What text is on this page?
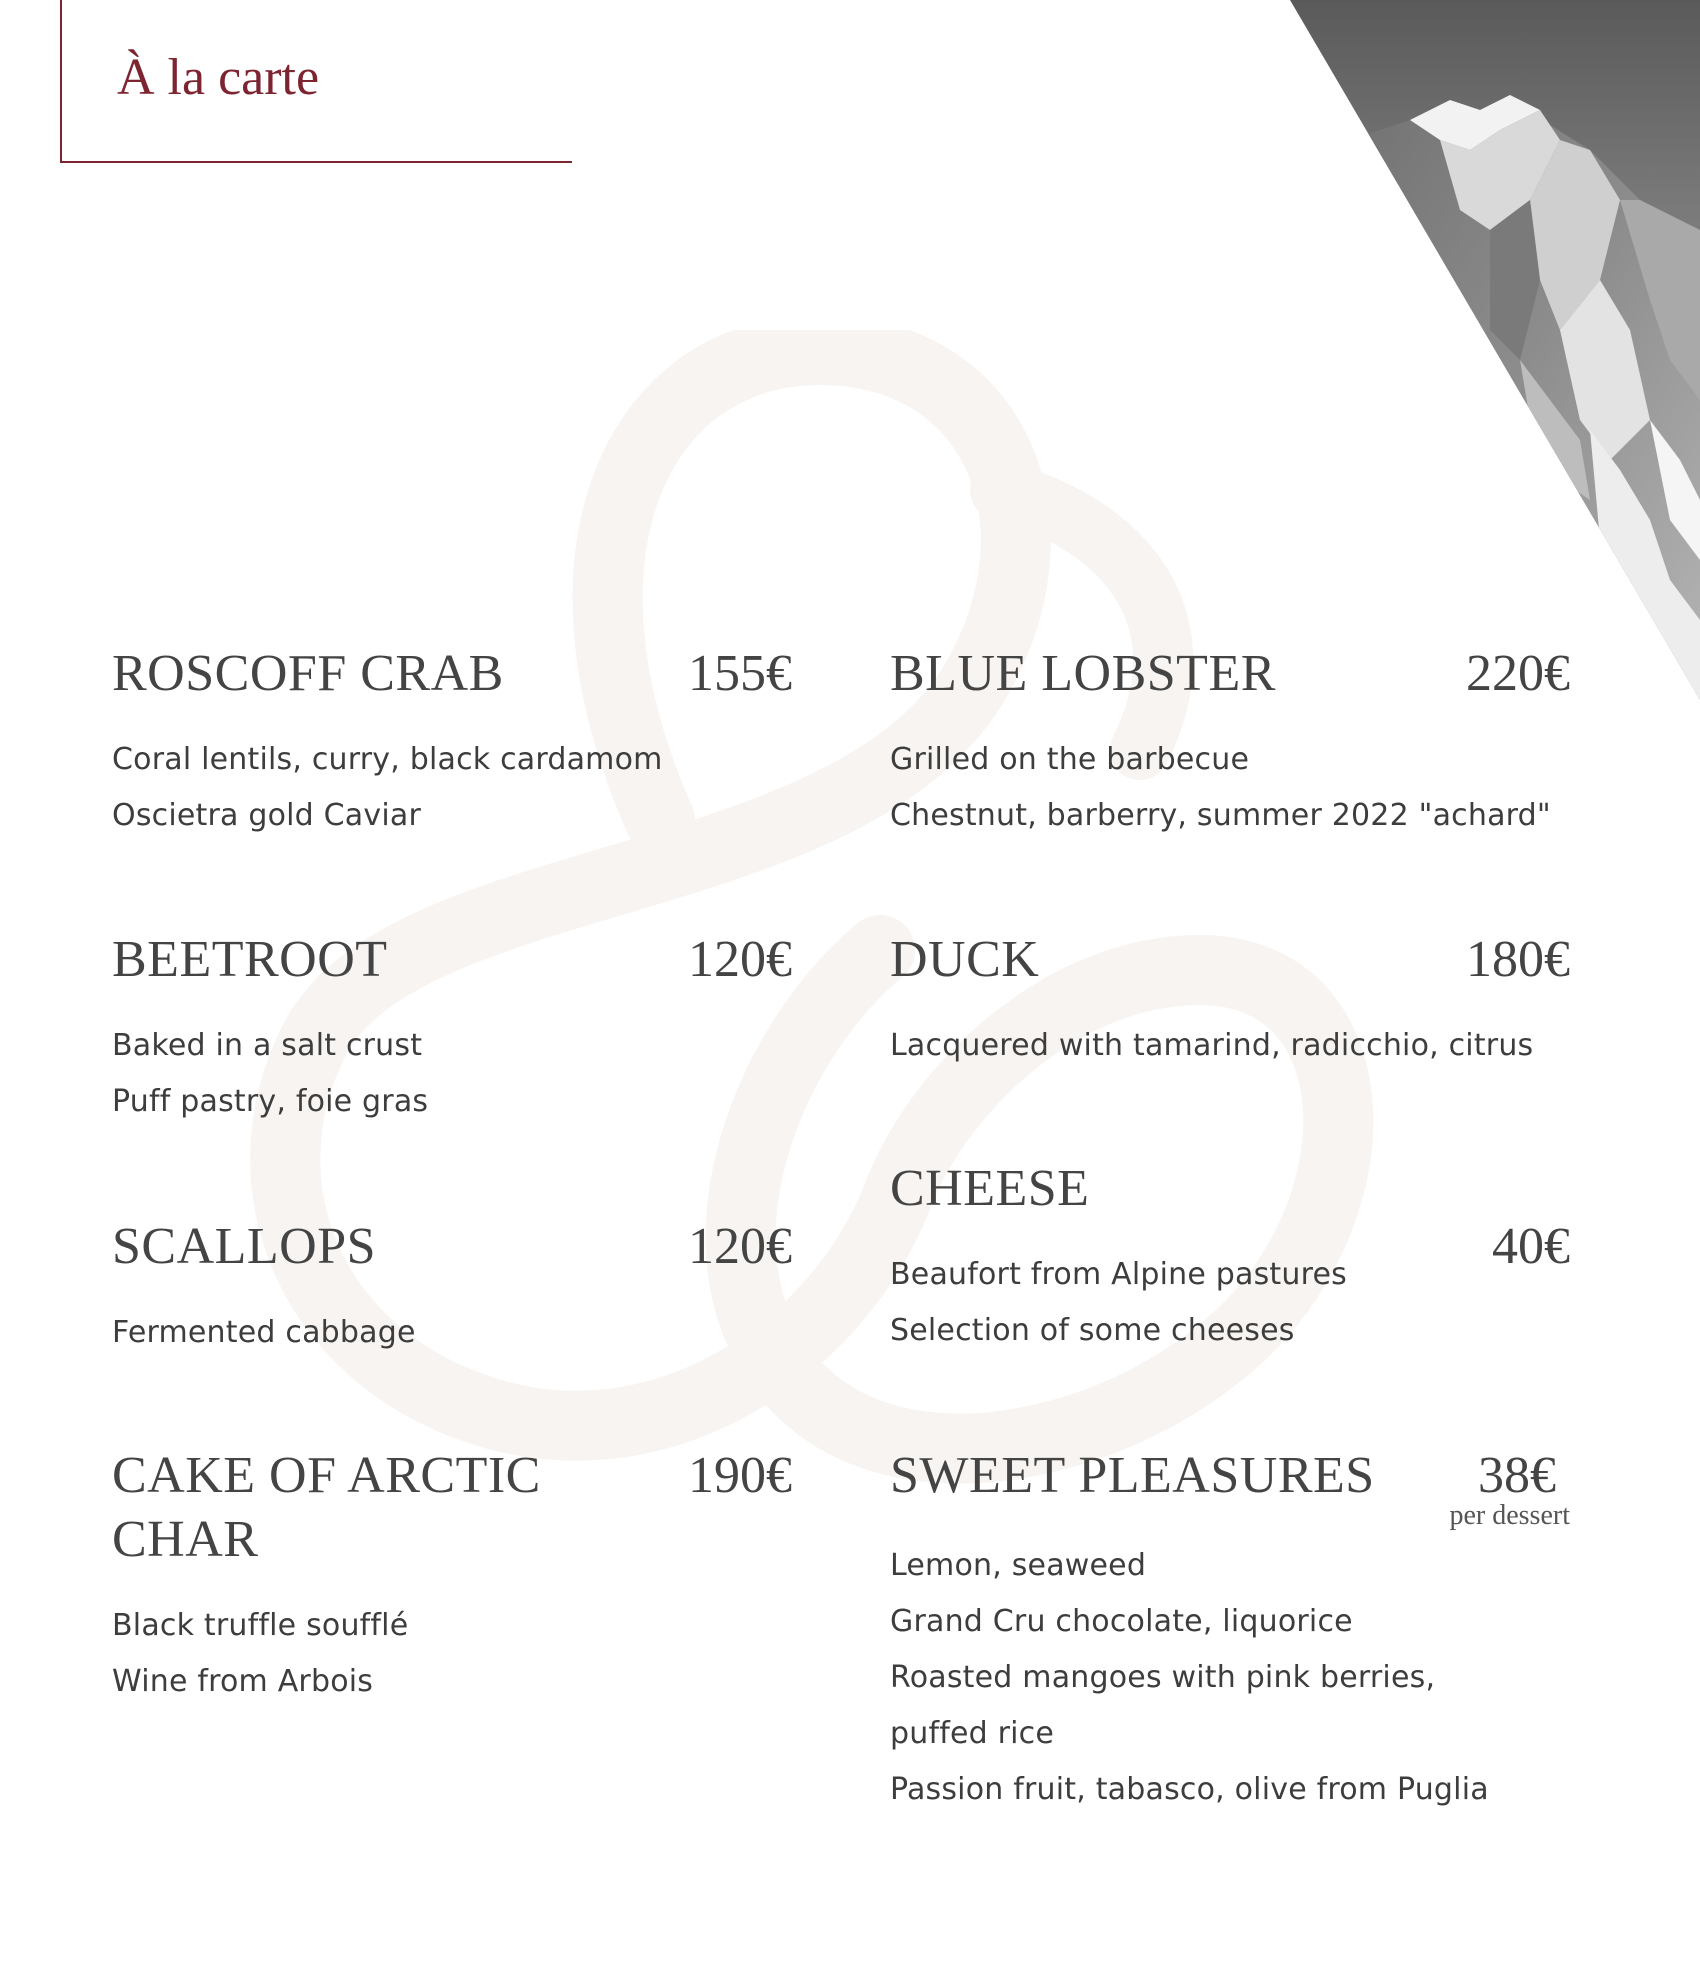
À la carte
ROSCOFF CRAB	155€
Coral lentils, curry, black cardamom
Oscietra gold Caviar
BEETROOT	120€
Baked in a salt crust
Puff pastry, foie gras
SCALLOPS	120€
Fermented cabbage
CAKE OF ARCTIC CHAR
190€
Black truffle soufflé
Wine from Arbois
BLUE LOBSTER	220€
Grilled on the barbecue
Chestnut, barberry, summer 2022 "achard"
DUCK	180€
Lacquered with tamarind, radicchio, citrus
CHEESE
40€
Beaufort from Alpine pastures
Selection of some cheeses
SWEET PLEASURES 38€
per dessert
Lemon, seaweed
Grand Cru chocolate, liquorice
Roasted mangoes with pink berries,
puffed rice
Passion fruit, tabasco, olive from Puglia
